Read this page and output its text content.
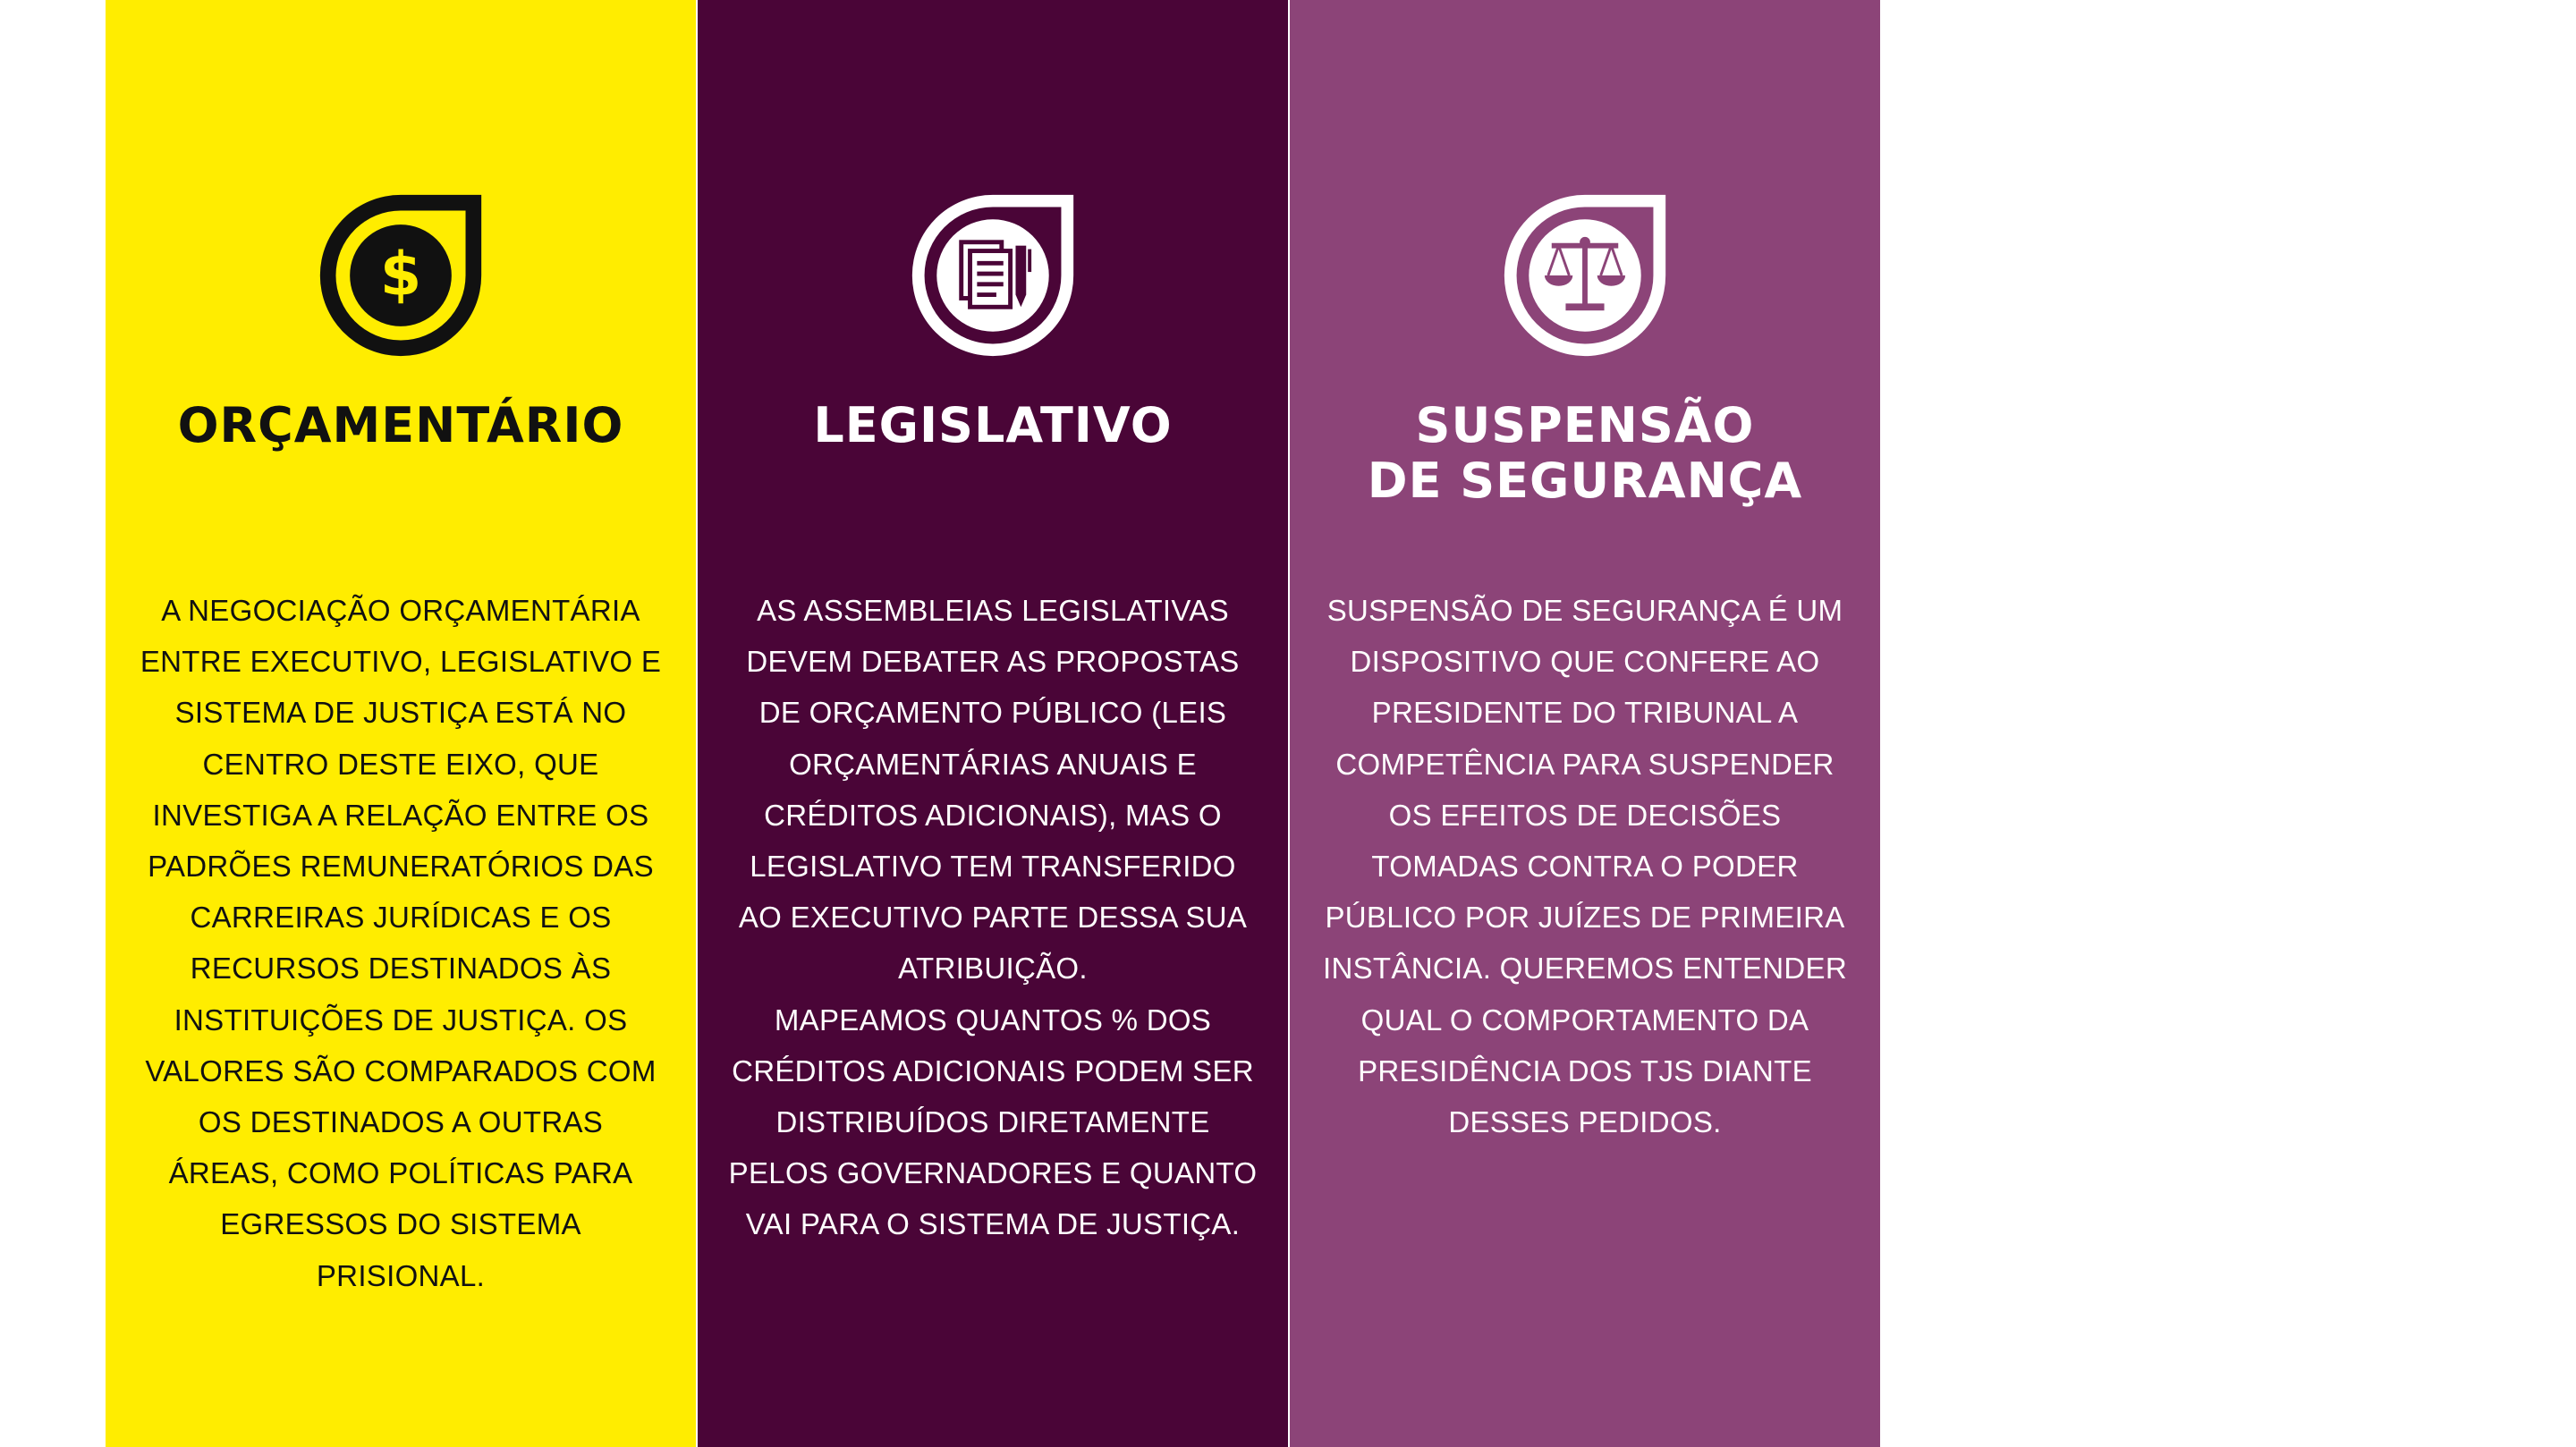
$
ORÇAMENTÁRIO

A NEGOCIAÇÃO ORÇAMENTÁRIA
ENTRE EXECUTIVO, LEGISLATIVO E
SISTEMA DE JUSTIÇA ESTÁ NO
CENTRO DESTE EIXO, QUE
INVESTIGA A RELAÇÃO ENTRE OS
PADRÕES REMUNERATÓRIOS DAS
CARREIRAS JURÍDICAS E OS
RECURSOS DESTINADOS ÀS
INSTITUIÇÕES DE JUSTIÇA. OS
VALORES SÃO COMPARADOS COM
OS DESTINADOS A OUTRAS
ÁREAS, COMO POLÍTICAS PARA
EGRESSOS DO SISTEMA
PRISIONAL.

LEGISLATIVO

AS ASSEMBLEIAS LEGISLATIVAS
DEVEM DEBATER AS PROPOSTAS
DE ORÇAMENTO PÚBLICO (LEIS
ORÇAMENTÁRIAS ANUAIS E
CRÉDITOS ADICIONAIS), MAS O
LEGISLATIVO TEM TRANSFERIDO
AO EXECUTIVO PARTE DESSA SUA
ATRIBUIÇÃO.
MAPEAMOS QUANTOS % DOS
CRÉDITOS ADICIONAIS PODEM SER
DISTRIBUÍDOS DIRETAMENTE
PELOS GOVERNADORES E QUANTO
VAI PARA O SISTEMA DE JUSTIÇA.

SUSPENSÃO
DE SEGURANÇA

SUSPENSÃO DE SEGURANÇA É UM
DISPOSITIVO QUE CONFERE AO
PRESIDENTE DO TRIBUNAL A
COMPETÊNCIA PARA SUSPENDER
OS EFEITOS DE DECISÕES
TOMADAS CONTRA O PODER
PÚBLICO POR JUÍZES DE PRIMEIRA
INSTÂNCIA. QUEREMOS ENTENDER
QUAL O COMPORTAMENTO DA
PRESIDÊNCIA DOS TJS DIANTE
DESSES PEDIDOS.
